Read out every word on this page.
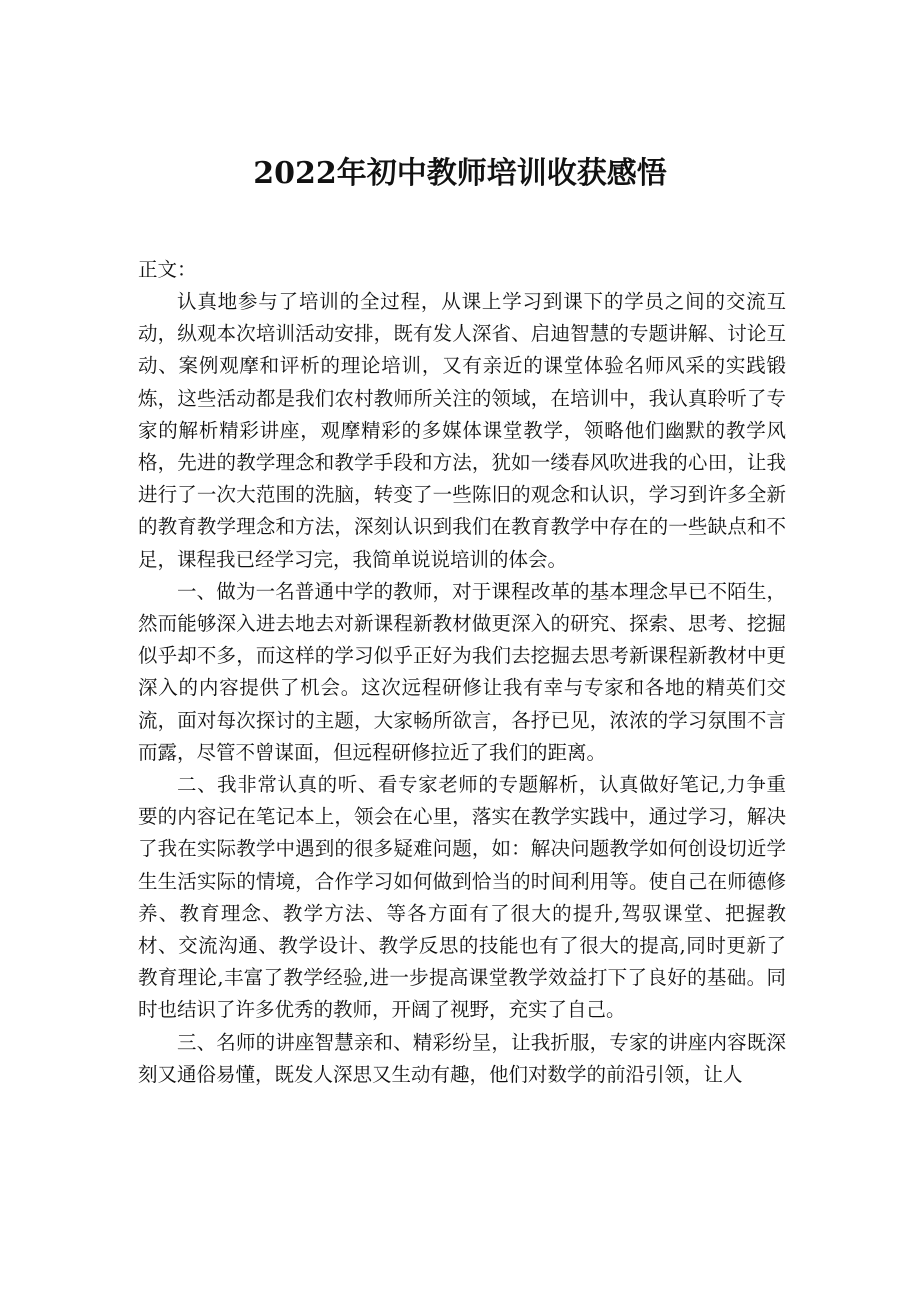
2022年初中教师培训收获感悟

正文：

认真地参与了培训的全过程，从课上学习到课下的学员之间的交流互动，纵观本次培训活动安排，既有发人深省、启迪智慧的专题讲解、讨论互动、案例观摩和评析的理论培训，又有亲近的课堂体验名师风采的实践锻炼，这些活动都是我们农村教师所关注的领域，在培训中，我认真聆听了专家的解析精彩讲座，观摩精彩的多媒体课堂教学，领略他们幽默的教学风格，先进的教学理念和教学手段和方法，犹如一缕春风吹进我的心田，让我进行了一次大范围的洗脑，转变了一些陈旧的观念和认识，学习到许多全新的教育教学理念和方法，深刻认识到我们在教育教学中存在的一些缺点和不足，课程我已经学习完，我简单说说培训的体会。

一、做为一名普通中学的教师，对于课程改革的基本理念早已不陌生，然而能够深入进去地去对新课程新教材做更深入的研究、探索、思考、挖掘似乎却不多，而这样的学习似乎正好为我们去挖掘去思考新课程新教材中更深入的内容提供了机会。这次远程研修让我有幸与专家和各地的精英们交流，面对每次探讨的主题，大家畅所欲言，各抒已见，浓浓的学习氛围不言而露，尽管不曾谋面，但远程研修拉近了我们的距离。

二、我非常认真的听、看专家老师的专题解析，认真做好笔记,力争重要的内容记在笔记本上，领会在心里，落实在教学实践中，通过学习，解决了我在实际教学中遇到的很多疑难问题，如：解决问题教学如何创设切近学生生活实际的情境，合作学习如何做到恰当的时间利用等。使自己在师德修养、教育理念、教学方法、等各方面有了很大的提升,驾驭课堂、把握教材、交流沟通、教学设计、教学反思的技能也有了很大的提高,同时更新了教育理论,丰富了教学经验,进一步提高课堂教学效益打下了良好的基础。同时也结识了许多优秀的教师，开阔了视野，充实了自己。

三、名师的讲座智慧亲和、精彩纷呈，让我折服，专家的讲座内容既深刻又通俗易懂，既发人深思又生动有趣，他们对数学的前沿引领，让人
